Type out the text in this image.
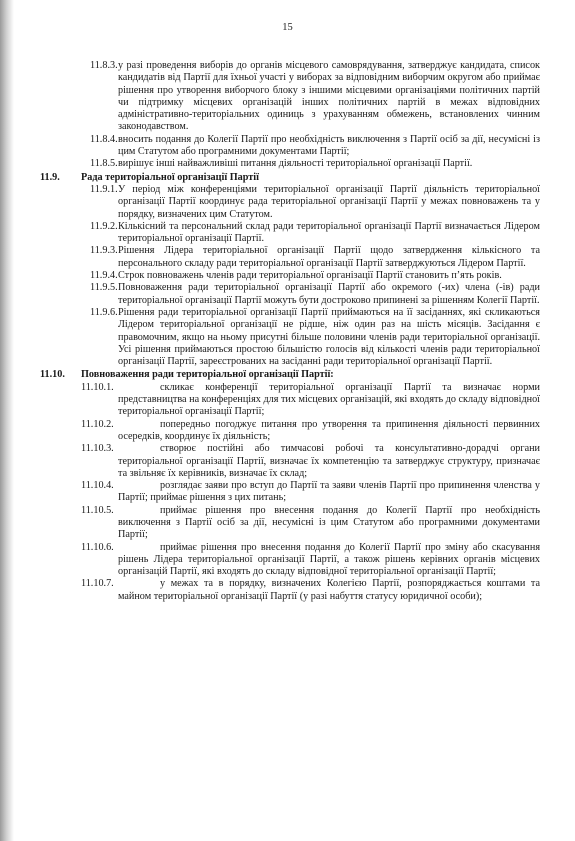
15
11.8.3.у разі проведення виборів до органів місцевого самоврядування, затверджує кандидата, список кандидатів від Партії для їхньої участі у виборах за відповідним виборчим округом або приймає рішення про утворення виборчого блоку з іншими місцевими організаціями політичних партій чи підтримку місцевих організацій інших політичних партій в межах відповідних адміністративно-територіальних одиниць з урахуванням обмежень, встановлених чинним законодавством.
11.8.4.вносить подання до Колегії Партії про необхідність виключення з Партії осіб за дії, несумісні із цим Статутом або програмними документами Партії;
11.8.5.вирішує інші найважливіші питання діяльності територіальної організації Партії.
11.9. Рада територіальної організації Партії
11.9.1.У період між конференціями територіальної організації Партії діяльність територіальної організації Партії координує рада територіальної організації Партії у межах повноважень та у порядку, визначених цим Статутом.
11.9.2.Кількісний та персональний склад ради територіальної організації Партії визначається Лідером територіальної організації Партії.
11.9.3.Рішення Лідера територіальної організації Партії щодо затвердження кількісного та персонального складу ради територіальної організації Партії затверджуються Лідером Партії.
11.9.4.Строк повноважень членів ради територіальної організації Партії становить п’ять років.
11.9.5.Повноваження ради територіальної організації Партії або окремого (-их) члена (-ів) ради територіальної організації Партії можуть бути достроково припинені за рішенням Колегії Партії.
11.9.6.Рішення ради територіальної організації Партії приймаються на її засіданнях, які скликаються Лідером територіальної організації не рідше, ніж один раз на шість місяців. Засідання є правомочним, якщо на ньому присутні більше половини членів ради територіальної організації. Усі рішення приймаються простою більшістю голосів від кількості членів ради територіальної організації Партії, зареєстрованих на засіданні ради територіальної організації Партії.
11.10. Повноваження ради територіальної організації Партії:
11.10.1.	скликає конференції територіальної організації Партії та визначає норми представництва на конференціях для тих місцевих організацій, які входять до складу відповідної територіальної організації Партії;
11.10.2.	попередньо погоджує питання про утворення та припинення діяльності первинних осередків, координує їх діяльність;
11.10.3.	створює постійні або тимчасові робочі та консультативно-дорадчі органи територіальної організації Партії, визначає їх компетенцію та затверджує структуру, призначає та звільняє їх керівників, визначає їх склад;
11.10.4.	розглядає заяви про вступ до Партії та заяви членів Партії про припинення членства у Партії; приймає рішення з цих питань;
11.10.5.	приймає рішення про внесення подання до Колегії Партії про необхідність виключення з Партії осіб за дії, несумісні із цим Статутом або програмними документами Партії;
11.10.6.	приймає рішення про внесення подання до Колегії Партії про зміну або скасування рішень Лідера територіальної організації Партії, а також рішень керівних органів місцевих організацій Партії, які входять до складу відповідної територіальної організації Партії;
11.10.7.	у межах та в порядку, визначених Колегією Партії, розпоряджається коштами та майном територіальної організації Партії (у разі набуття статусу юридичної особи);
